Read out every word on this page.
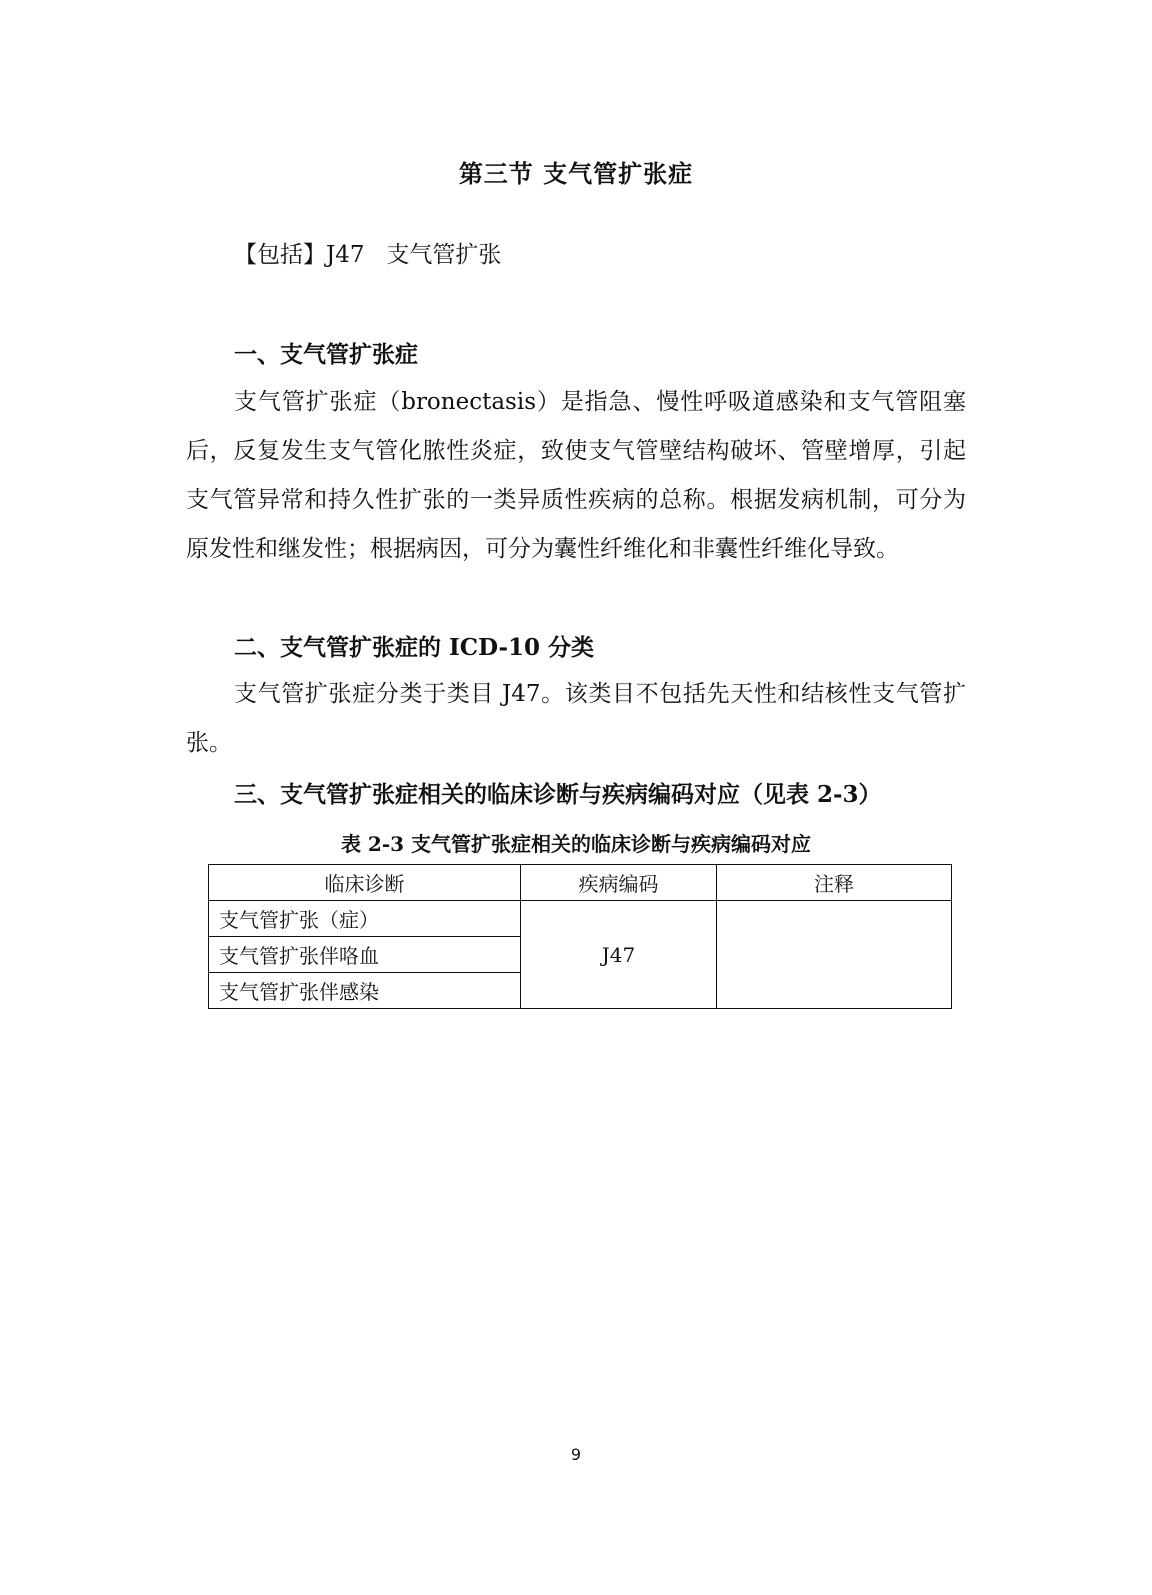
第三节 支气管扩张症
【包括】J47   支气管扩张
一、支气管扩张症

支气管扩张症（bronectasis）是指急、慢性呼吸道感染和支气管阻塞后，反复发生支气管化脓性炎症，致使支气管壁结构破坏、管壁增厚，引起支气管异常和持久性扩张的一类异质性疾病的总称。根据发病机制，可分为原发性和继发性；根据病因，可分为囊性纤维化和非囊性纤维化导致。

二、支气管扩张症的 ICD-10 分类

支气管扩张症分类于类目 J47。该类目不包括先天性和结核性支气管扩张。

三、支气管扩张症相关的临床诊断与疾病编码对应（见表 2-3）
表 2-3 支气管扩张症相关的临床诊断与疾病编码对应
临床诊断	疾病编码	注释
支气管扩张（症）	J47	
支气管扩张伴咯血		
支气管扩张伴感染		
9
